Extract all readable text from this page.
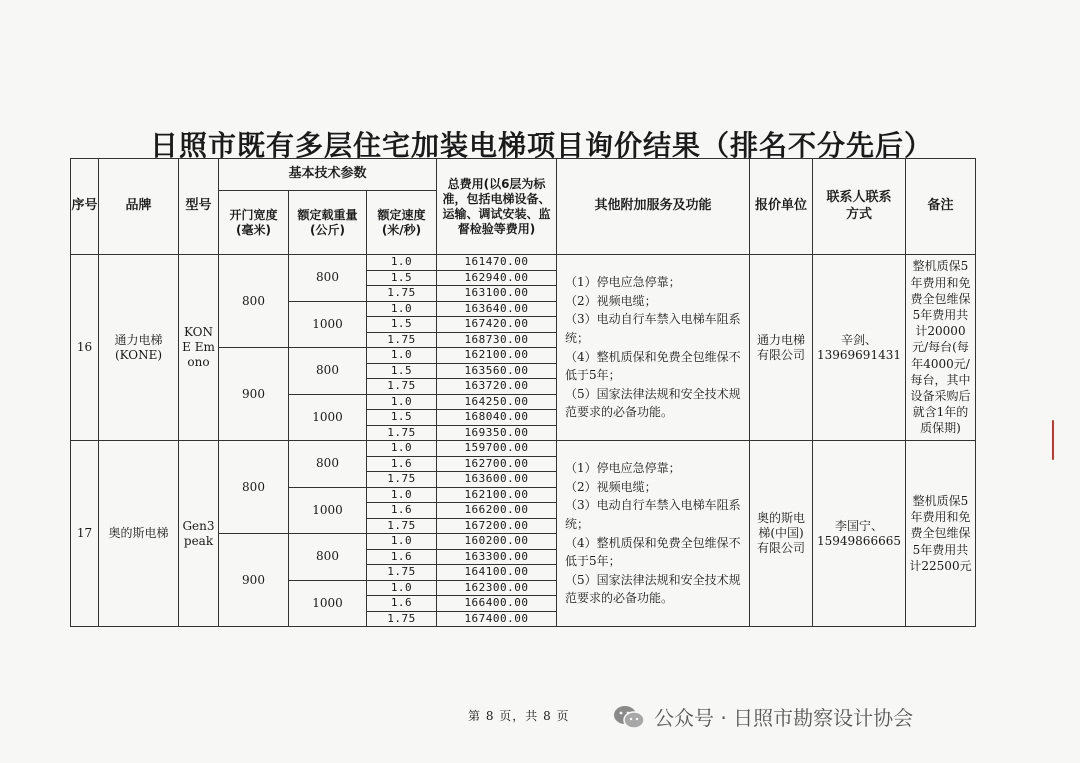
日照市既有多层住宅加装电梯项目询价结果（排名不分先后）
序号	品牌	型号	基本技术参数			总费用(以6层为标准，包括电梯设备、运输、调试安装、监督检验等费用)	其他附加服务及功能	报价单位	联系人联系方式	备注
			开门宽度(毫米)	额定载重量(公斤)	额定速度(米/秒)					
16	通力电梯(KONE)	KONE Emono	800	800	1.0	161470.00	（1）停电应急停靠；
（2）视频电缆；
（3）电动自行车禁入电梯车阻系统；
（4）整机质保和免费全包维保不低于5年；
（5）国家法律法规和安全技术规范要求的必备功能。	通力电梯有限公司	辛剑、13969691431	整机质保5年费用和免费全包维保5年费用共计20000元/每台(每年4000元/每台，其中设备采购后就含1年的质保期)

					1.5	162940.00				
					1.75	163100.00				
				1000	1.0	163640.00				
					1.5	167420.00				
					1.75	168730.00				
			900	800	1.0	162100.00				
					1.5	163560.00				
					1.75	163720.00				
				1000	1.0	164250.00				
					1.5	168040.00				
					1.75	169350.00				
17	奥的斯电梯	Gen3peak	800	800	1.0	159700.00	（1）停电应急停靠；
（2）视频电缆；
（3）电动自行车禁入电梯车阻系统；
（4）整机质保和免费全包维保不低于5年；
（5）国家法律法规和安全技术规范要求的必备功能。	奥的斯电梯(中国)有限公司	李国宁、15949866665	整机质保5年费用和免费全包维保5年费用共计22500元

					1.6	162700.00				
					1.75	163600.00				
				1000	1.0	162100.00				
					1.6	166200.00				
					1.75	167200.00				
			900	800	1.0	160200.00				
					1.6	163300.00				
					1.75	164100.00				
				1000	1.0	162300.00				
					1.6	166400.00				
					1.75	167400.00				
第 8 页，共 8 页	公众号 · 日照市勘察设计协会
